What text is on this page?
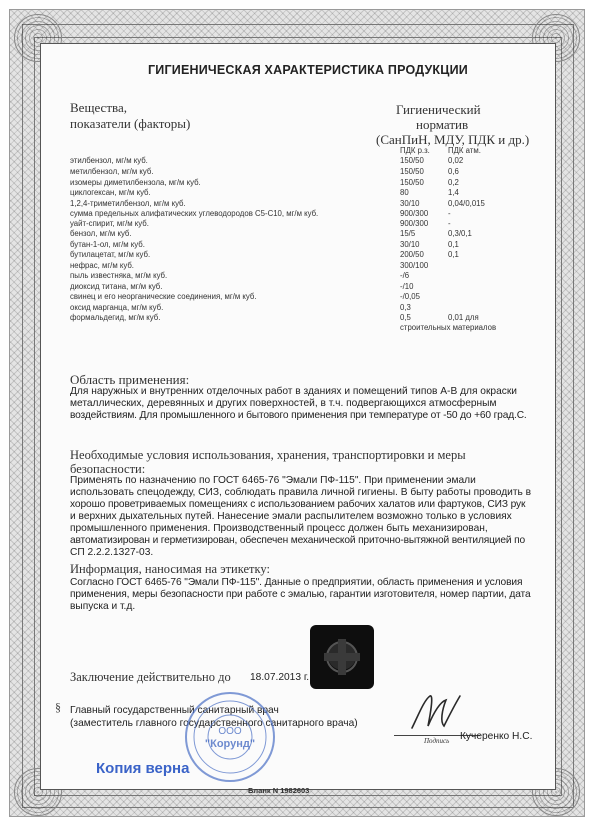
ГИГИЕНИЧЕСКАЯ ХАРАКТЕРИСТИКА ПРОДУКЦИИ
Вещества,
показатели (факторы)
Гигиенический
норматив
(СанПиН, МДУ, ПДК и др.)
ПДК р.з. ПДК атм.
этилбензол, мг/м куб.	150/50	0,02
метилбензол, мг/м куб.	150/50	0,6
изомеры диметилбензола, мг/м куб.	150/50	0,2
циклогексан, мг/м куб.	80	1,4
1,2,4-триметилбензол, мг/м куб.	30/10	0,04/0,015
сумма предельных алифатических углеводородов С5-С10, мг/м куб.	900/300	-
уайт-спирит, мг/м куб.	900/300	-
бензол, мг/м куб.	15/5	0,3/0,1
бутан-1-ол, мг/м куб.	30/10	0,1
бутилацетат, мг/м куб.	200/50	0,1
нефрас, мг/м куб.	300/100
пыль известняка, мг/м куб.	-/6
диоксид титана, мг/м куб.	-/10
свинец и его неорганические соединения, мг/м куб.	-/0,05
оксид марганца, мг/м куб.	0,3
формальдегид, мг/м куб.	0,5	0,01 для
строительных материалов
Область применения:
Для наружных и внутренних отделочных работ в зданиях и помещений типов А-В для окраски
металлических, деревянных и других поверхностей, в т.ч. подвергающихся атмосферным
воздействиям. Для промышленного и бытового применения при температуре от -50 до +60 град.С.
Необходимые условия использования, хранения, транспортировки и меры
безопасности:
Применять по назначению по ГОСТ 6465-76 "Эмали ПФ-115". При применении эмали
использовать спецодежду, СИЗ, соблюдать правила личной гигиены. В быту работы проводить в
хорошо проветриваемых помещениях с использованием рабочих халатов или фартуков, СИЗ рук
и верхних дыхательных путей. Нанесение эмали распылителем возможно только в условиях
промышленного применения. Производственный процесс должен быть механизирован,
автоматизирован и герметизирован, обеспечен механической приточно-вытяжной вентиляцией по
СП 2.2.2.1327-03.
Информация, наносимая на этикетку:
Согласно ГОСТ 6465-76 "Эмали ПФ-115". Данные о предприятии, область применения и условия
применения, меры безопасности при работе с эмалью, гарантии изготовителя, номер партии, дата
выпуска и т.д.
Заключение действительно до 18.07.2013 г.
§ Главный государственный санитарный врач
(заместитель главного государственного санитарного врача)
Подпись Кучеренко Н.С.
ООО
"Корунд"
Копия верна
Бланк N 1982603
